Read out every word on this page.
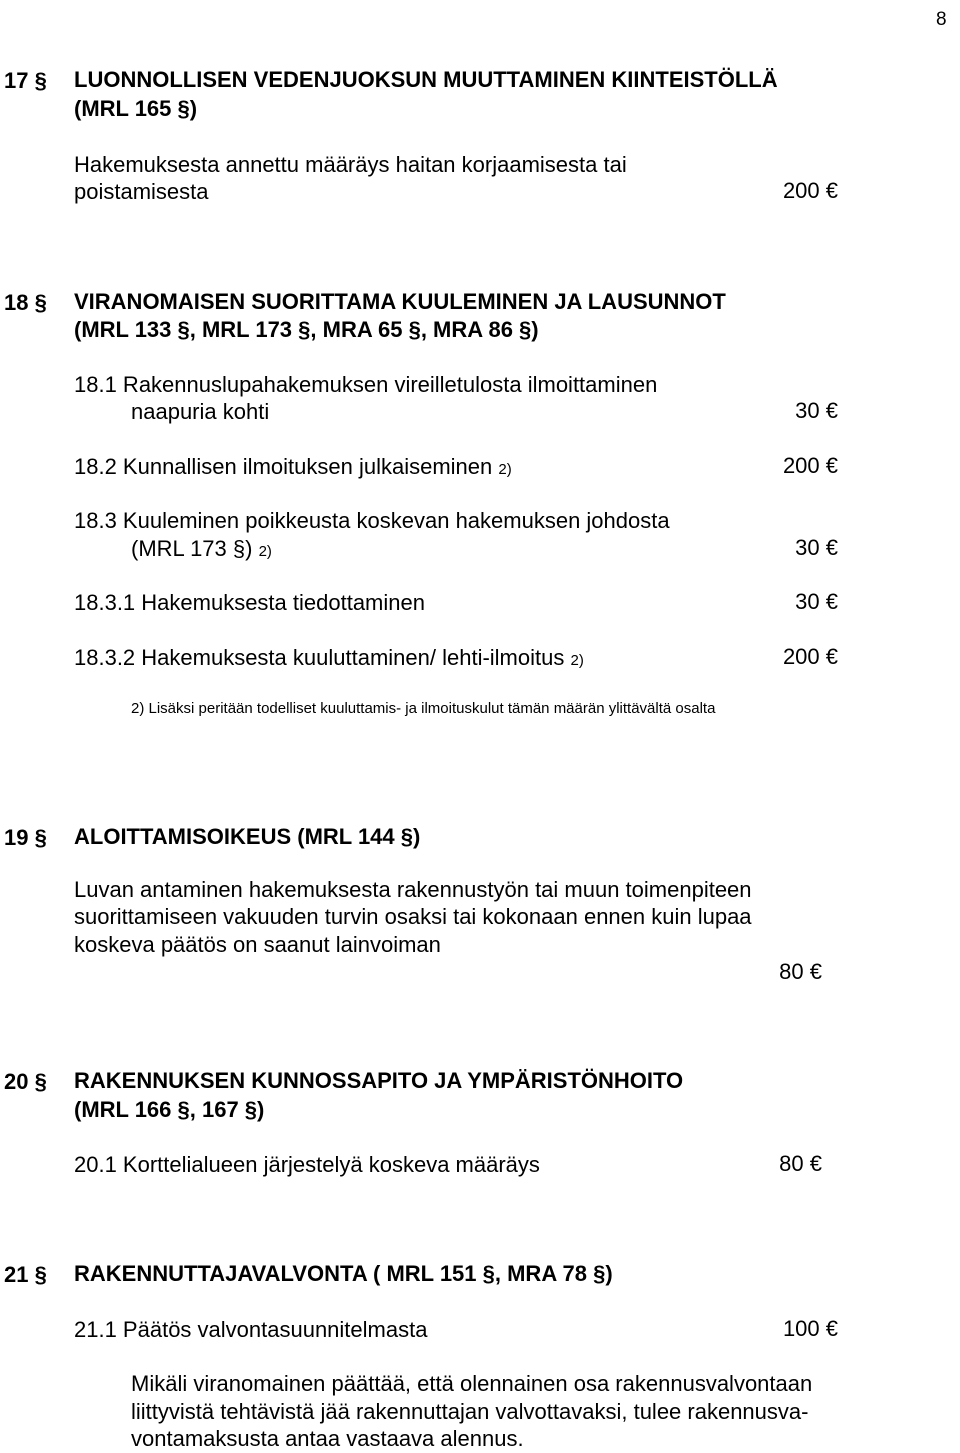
8
17 § LUONNOLLISEN VEDENJUOKSUN MUUTTAMINEN KIINTEISTÖLLÄ
(MRL 165 §)
Hakemuksesta annettu määräys haitan korjaamisesta tai
poistamisesta	200 €
18 § VIRANOMAISEN SUORITTAMA KUULEMINEN JA LAUSUNNOT
(MRL 133 §, MRL 173 §, MRA 65 §, MRA 86 §)
18.1 Rakennuslupahakemuksen vireilletulosta ilmoittaminen
naapuria kohti	30 €
18.2 Kunnallisen ilmoituksen julkaiseminen 2)	200 €
18.3 Kuuleminen poikkeusta koskevan hakemuksen johdosta
(MRL 173 §) 2)	30 €
18.3.1 Hakemuksesta tiedottaminen	30 €
18.3.2 Hakemuksesta kuuluttaminen/ lehti-ilmoitus 2)	200 €
2) Lisäksi peritään todelliset kuuluttamis- ja ilmoituskulut tämän määrän ylittävältä osalta
19 § ALOITTAMISOIKEUS (MRL 144 §)
Luvan antaminen hakemuksesta rakennustyön tai muun toimenpiteen
suorittamiseen vakuuden turvin osaksi tai kokonaan ennen kuin lupaa
koskeva päätös on saanut lainvoiman
80 €
20 § RAKENNUKSEN KUNNOSSAPITO JA YMPÄRISTÖNHOITO
(MRL 166 §, 167 §)
20.1 Korttelialueen järjestelyä koskeva määräys	80 €
21 § RAKENNUTTAJAVALVONTA ( MRL 151 §, MRA 78 §)
21.1 Päätös valvontasuunnitelmasta	100 €
Mikäli viranomainen päättää, että olennainen osa rakennusvalvontaan
liittyvistä tehtävistä jää rakennuttajan valvottavaksi, tulee rakennusva-
vontamaksusta antaa vastaava alennus.
